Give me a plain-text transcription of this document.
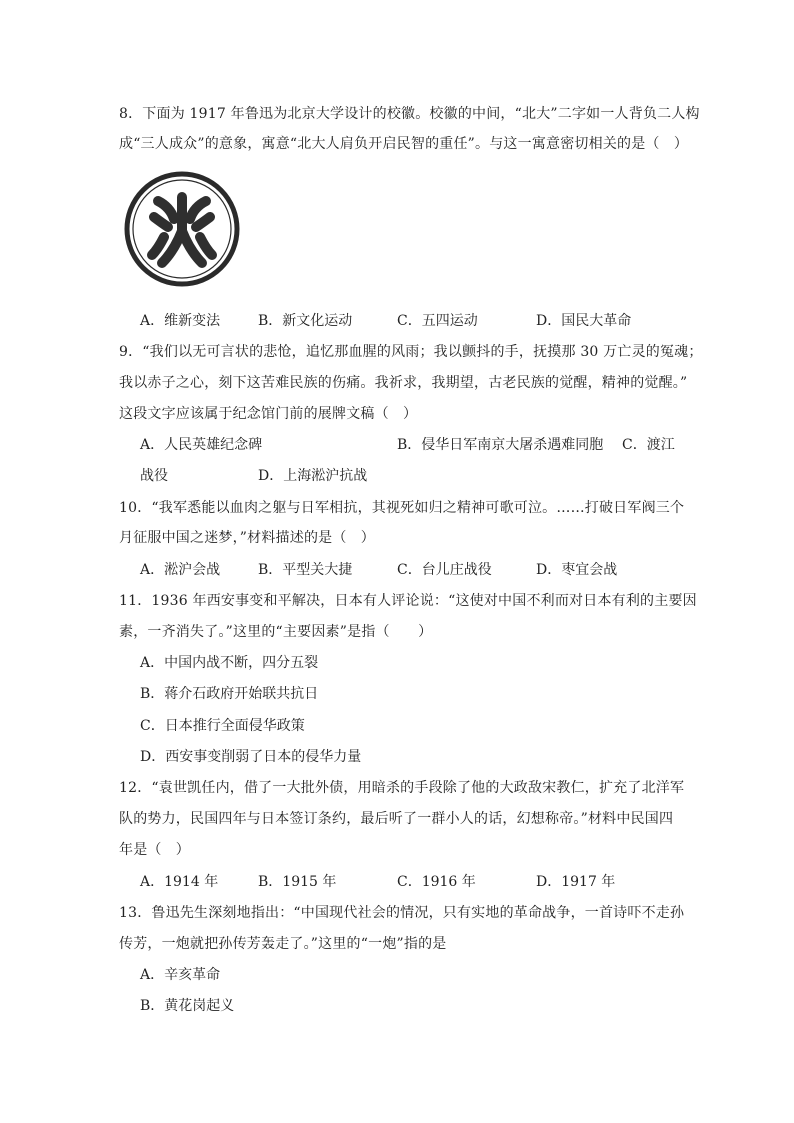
8．下面为 1917 年鲁迅为北京大学设计的校徽。校徽的中间，“北大”二字如一人背负二人构
成“三人成众”的意象，寓意“北大人肩负开启民智的重任”。与这一寓意密切相关的是（　）
A．维新变法	B．新文化运动	C．五四运动	D．国民大革命
9．“我们以无可言状的悲怆，追忆那血腥的风雨；我以颤抖的手，抚摸那 30 万亡灵的冤魂；
我以赤子之心，刻下这苦难民族的伤痛。我祈求，我期望，古老民族的觉醒，精神的觉醒。”
这段文字应该属于纪念馆门前的展牌文稿（　）
A．人民英雄纪念碑	B．侵华日军南京大屠杀遇难同胞 C．渡江
战役	D．上海淞沪抗战
10．“我军悉能以血肉之躯与日军相抗，其视死如归之精神可歌可泣。……打破日军阀三个
月征服中国之迷梦，”材料描述的是（　）
A．淞沪会战	B．平型关大捷	C．台儿庄战役	D．枣宜会战
11．1936 年西安事变和平解决，日本有人评论说：“这使对中国不利而对日本有利的主要因
素，一齐消失了。”这里的“主要因素”是指（　　）
A．中国内战不断，四分五裂
B．蒋介石政府开始联共抗日
C．日本推行全面侵华政策
D．西安事变削弱了日本的侵华力量
12．“袁世凯任内，借了一大批外债，用暗杀的手段除了他的大政敌宋教仁，扩充了北洋军
队的势力，民国四年与日本签订条约，最后听了一群小人的话，幻想称帝。”材料中民国四
年是（　）
A．1914 年	B．1915 年	C．1916 年	D．1917 年
13．鲁迅先生深刻地指出：“中国现代社会的情况，只有实地的革命战争，一首诗吓不走孙
传芳，一炮就把孙传芳轰走了。”这里的“一炮”指的是
A．辛亥革命
B．黄花岗起义
